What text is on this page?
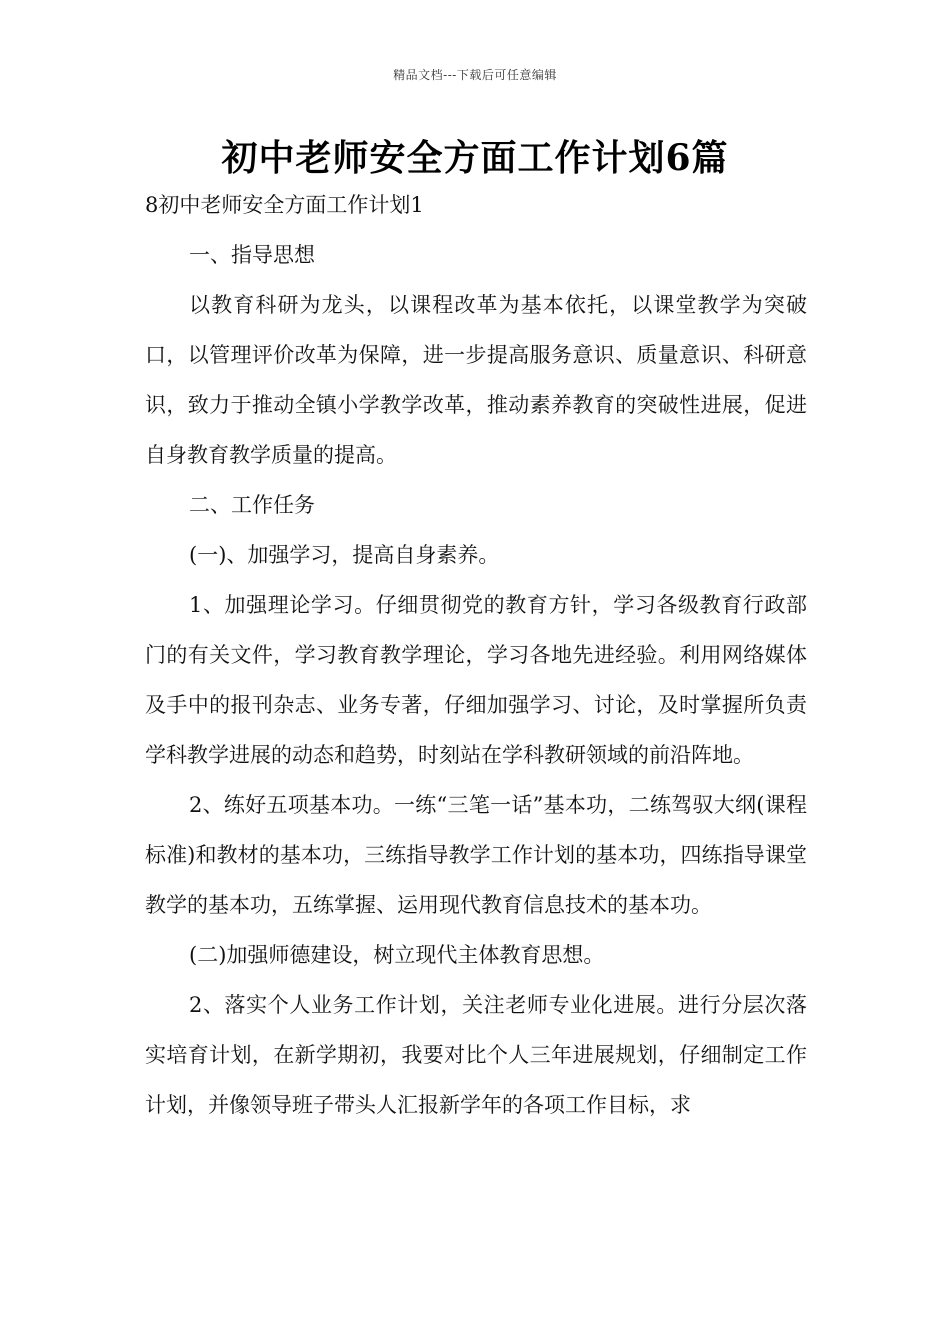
精品文档---下载后可任意编辑
初中老师安全方面工作计划6篇

8初中老师安全方面工作计划1

一、指导思想

以教育科研为龙头，以课程改革为基本依托，以课堂教学为突破口，以管理评价改革为保障，进一步提高服务意识、质量意识、科研意识，致力于推动全镇小学教学改革，推动素养教育的突破性进展，促进自身教育教学质量的提高。

二、工作任务

(一)、加强学习，提高自身素养。

1、加强理论学习。仔细贯彻党的教育方针，学习各级教育行政部门的有关文件，学习教育教学理论，学习各地先进经验。利用网络媒体及手中的报刊杂志、业务专著，仔细加强学习、讨论，及时掌握所负责学科教学进展的动态和趋势，时刻站在学科教研领域的前沿阵地。

2、练好五项基本功。一练“三笔一话”基本功，二练驾驭大纲(课程标准)和教材的基本功，三练指导教学工作计划的基本功，四练指导课堂教学的基本功，五练掌握、运用现代教育信息技术的基本功。

(二)加强师德建设，树立现代主体教育思想。

2、落实个人业务工作计划，关注老师专业化进展。进行分层次落实培育计划，在新学期初，我要对比个人三年进展规划，仔细制定工作计划，并像领导班子带头人汇报新学年的各项工作目标，求
